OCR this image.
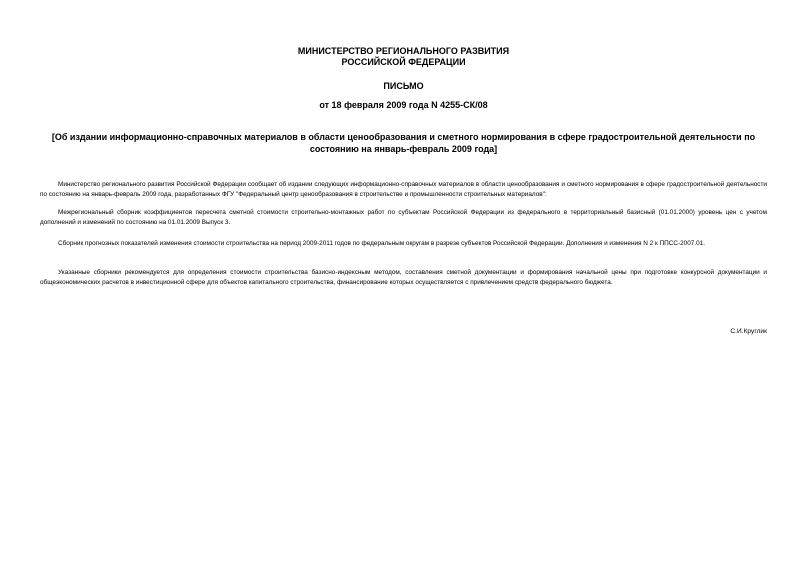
МИНИСТЕРСТВО РЕГИОНАЛЬНОГО РАЗВИТИЯ
РОССИЙСКОЙ ФЕДЕРАЦИИ
ПИСЬМО
от 18 февраля 2009 года N 4255-СК/08
[Об издании информационно-справочных материалов в области ценообразования и сметного нормирования в сфере градостроительной деятельности по состоянию на январь-февраль 2009 года]

Министерство регионального развития Российской Федерации сообщает об издании следующих информационно-справочных материалов в области ценообразования и сметного нормирования в сфере градостроительной деятельности по состоянию на январь-февраль 2009 года, разработанных ФГУ "Федеральный центр ценообразования в строительстве и промышленности строительных материалов":

Межрегиональный сборник коэффициентов пересчета сметной стоимости строительно-монтажных работ по субъектам Российской Федерации из федерального в территориальный базисный (01.01.2000) уровень цен с учетом дополнений и изменений по состоянию на 01.01.2009 Выпуск 3.

Сборник прогнозных показателей изменения стоимости строительства на период 2009-2011 годов по федеральным округам в разрезе субъектов Российской Федерации. Дополнения и изменения N 2 к ППСС-2007.01.

Указанные сборники рекомендуется для определения стоимости строительства базисно-индексным методом, составления сметной документации и формирования начальной цены при подготовке конкурсной документации и общеэкономических расчетов в инвестиционной сфере для объектов капитального строительства, финансирование которых осуществляется с привлечением средств федерального бюджета.

С.И.Круглик
